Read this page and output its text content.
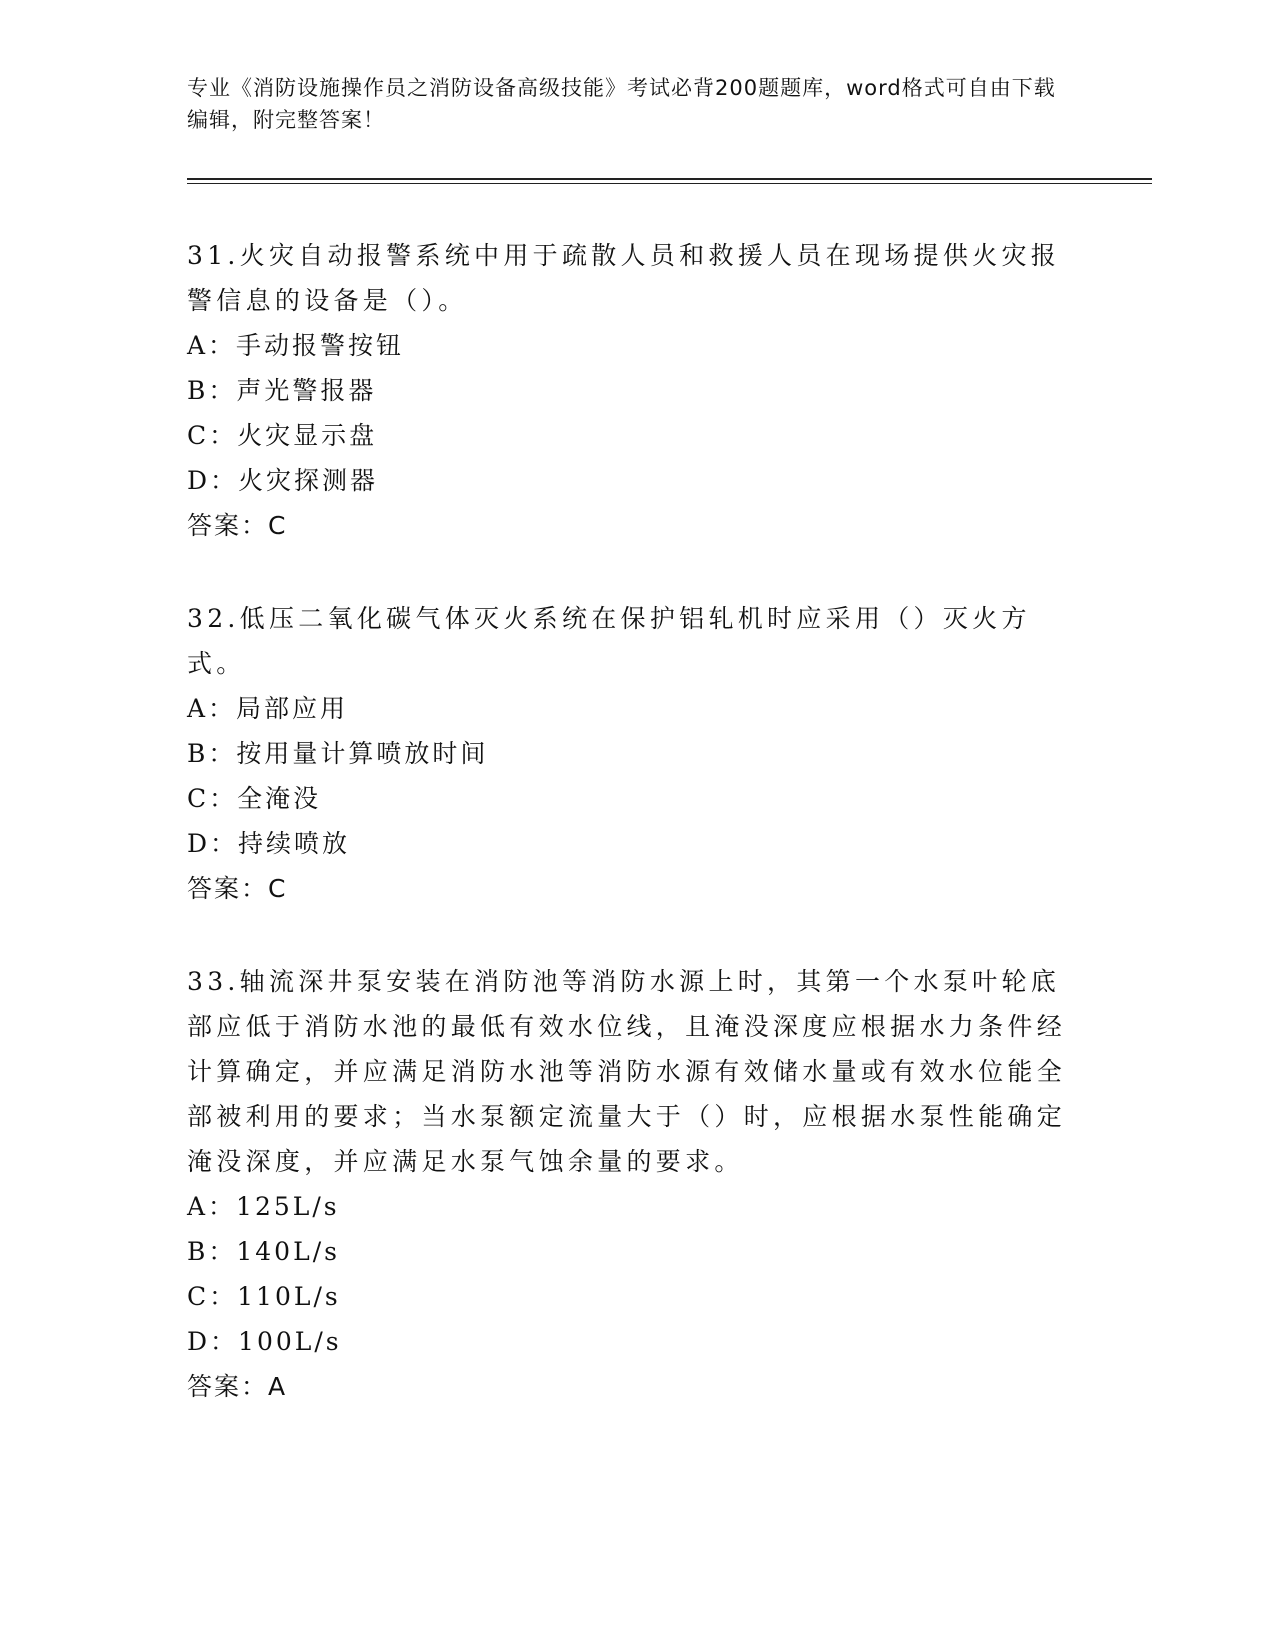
专业《消防设施操作员之消防设备高级技能》考试必背200题题库，word格式可自由下载编辑，附完整答案！

31.火灾自动报警系统中用于疏散人员和救援人员在现场提供火灾报警信息的设备是（）。

A：手动报警按钮

B：声光警报器

C：火灾显示盘

D：火灾探测器

答案：C

32.低压二氧化碳气体灭火系统在保护铝轧机时应采用（）灭火方式。

A：局部应用

B：按用量计算喷放时间

C：全淹没

D：持续喷放

答案：C

33.轴流深井泵安装在消防池等消防水源上时，其第一个水泵叶轮底部应低于消防水池的最低有效水位线，且淹没深度应根据水力条件经计算确定，并应满足消防水池等消防水源有效储水量或有效水位能全部被利用的要求；当水泵额定流量大于（）时，应根据水泵性能确定淹没深度，并应满足水泵气蚀余量的要求。

A：125L/s

B：140L/s

C：110L/s

D：100L/s

答案：A
